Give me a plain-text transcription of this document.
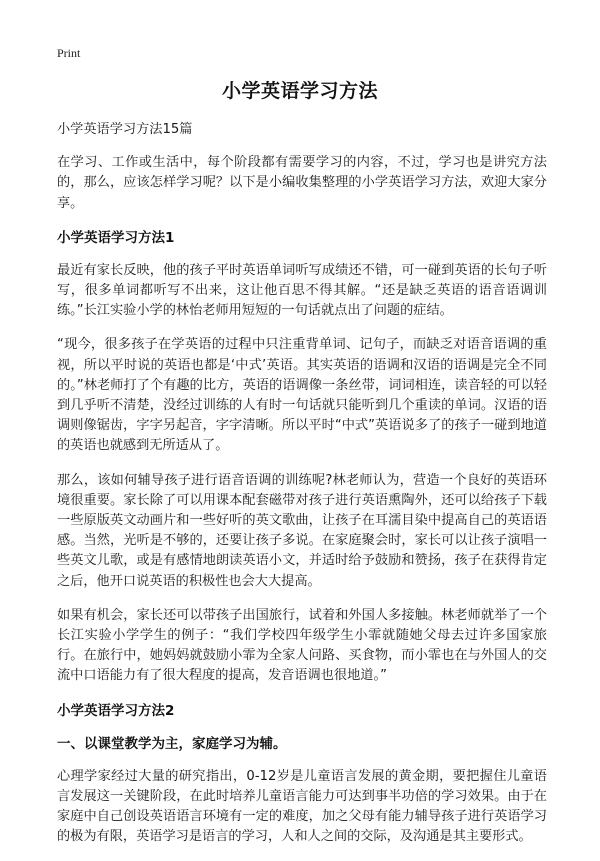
Print
小学英语学习方法

小学英语学习方法15篇

在学习、工作或生活中，每个阶段都有需要学习的内容，不过，学习也是讲究方法的，那么，应该怎样学习呢？以下是小编收集整理的小学英语学习方法，欢迎大家分享。

小学英语学习方法1

最近有家长反映，他的孩子平时英语单词听写成绩还不错，可一碰到英语的长句子听写，很多单词都听写不出来，这让他百思不得其解。“还是缺乏英语的语音语调训练。”长江实验小学的林怡老师用短短的一句话就点出了问题的症结。

“现今，很多孩子在学英语的过程中只注重背单词、记句子，而缺乏对语音语调的重视，所以平时说的英语也都是‘中式’英语。其实英语的语调和汉语的语调是完全不同的。”林老师打了个有趣的比方，英语的语调像一条丝带，词词相连，读音轻的可以轻到几乎听不清楚，没经过训练的人有时一句话就只能听到几个重读的单词。汉语的语调则像锯齿，字字另起音，字字清晰。所以平时“中式”英语说多了的孩子一碰到地道的英语也就感到无所适从了。

那么，该如何辅导孩子进行语音语调的训练呢?林老师认为，营造一个良好的英语环境很重要。家长除了可以用课本配套磁带对孩子进行英语熏陶外，还可以给孩子下载一些原版英文动画片和一些好听的英文歌曲，让孩子在耳濡目染中提高自己的英语语感。当然，光听是不够的，还要让孩子多说。在家庭聚会时，家长可以让孩子演唱一些英文儿歌，或是有感情地朗读英语小文，并适时给予鼓励和赞扬，孩子在获得肯定之后，他开口说英语的积极性也会大大提高。

如果有机会，家长还可以带孩子出国旅行，试着和外国人多接触。林老师就举了一个长江实验小学学生的例子：“我们学校四年级学生小霏就随她父母去过许多国家旅行。在旅行中，她妈妈就鼓励小霏为全家人问路、买食物，而小霏也在与外国人的交流中口语能力有了很大程度的提高，发音语调也很地道。”

小学英语学习方法2
一、以课堂教学为主，家庭学习为辅。

心理学家经过大量的研究指出，0-12岁是儿童语言发展的黄金期，要把握住儿童语言发展这一关键阶段，在此时培养儿童语言能力可达到事半功倍的学习效果。由于在家庭中自己创设英语语言环境有一定的难度，加之父母有能力辅导孩子进行英语学习的极为有限，英语学习是语言的学习，人和人之间的交际，及沟通是其主要形式。
